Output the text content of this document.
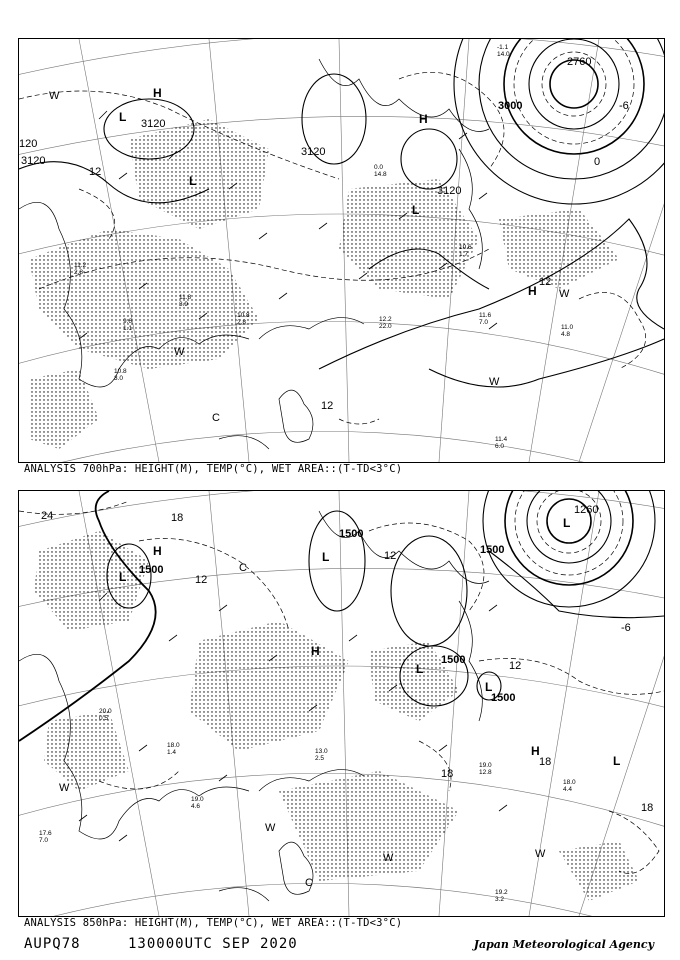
3120
3120
3000
2760
3120
3120
12
12
12
0
-6
120
H
L
L
H
L
H
W
W
W
W
C
11.8 3.9
10.8 3.0
11.2 2.8
10.6 1.7
12.2 22.0
11.6 7.0
11.0 4.8
11.4 6.0
10.8 2.8
9.6 1.1
-1.1 14.0
0.0 14.8
ANALYSIS 700hPa: HEIGHT(M), TEMP(°C), WET AREA::(T-TD<3°C)
1500
1500
1500
1500
1500
1260
24	18
12
12
18
18
18
12
-6
H
L
L
H
L
L
L
H
L
C
W
W
W	W
C
19.2 3.2
19.0 4.6
18.0 4.4
19.0 12.8
17.6 7.0
13.0 2.5
18.0 1.4
20.0 0.5
ANALYSIS 850hPa: HEIGHT(M), TEMP(°C), WET AREA::(T-TD<3°C)
AUPQ78	130000UTC SEP 2020	Japan Meteorological Agency
